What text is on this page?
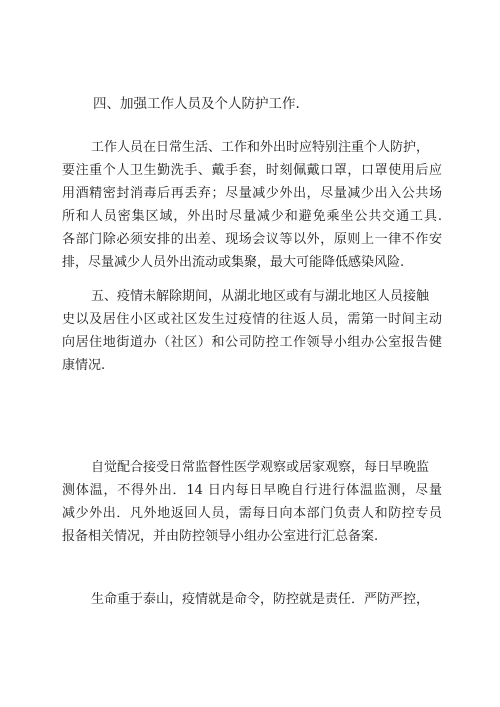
四、加强工作人员及个人防护工作.
工作人员在日常生活、工作和外出时应特别注重个人防护，
要注重个人卫生勤洗手、戴手套，时刻佩戴口罩，口罩使用后应
用酒精密封消毒后再丢弃；尽量减少外出，尽量减少出入公共场
所和人员密集区域，外出时尽量减少和避免乘坐公共交通工具.
各部门除必须安排的出差、现场会议等以外，原则上一律不作安
排，尽量减少人员外出流动或集聚，最大可能降低感染风险.
五、疫情未解除期间，从湖北地区或有与湖北地区人员接触
史以及居住小区或社区发生过疫情的往返人员，需第一时间主动
向居住地街道办（社区）和公司防控工作领导小组办公室报告健
康情况.
自觉配合接受日常监督性医学观察或居家观察，每日早晚监
测体温，不得外出．14 日内每日早晚自行进行体温监测，尽量
减少外出．凡外地返回人员，需每日向本部门负责人和防控专员
报备相关情况，并由防控领导小组办公室进行汇总备案.
生命重于泰山，疫情就是命令，防控就是责任．严防严控，
